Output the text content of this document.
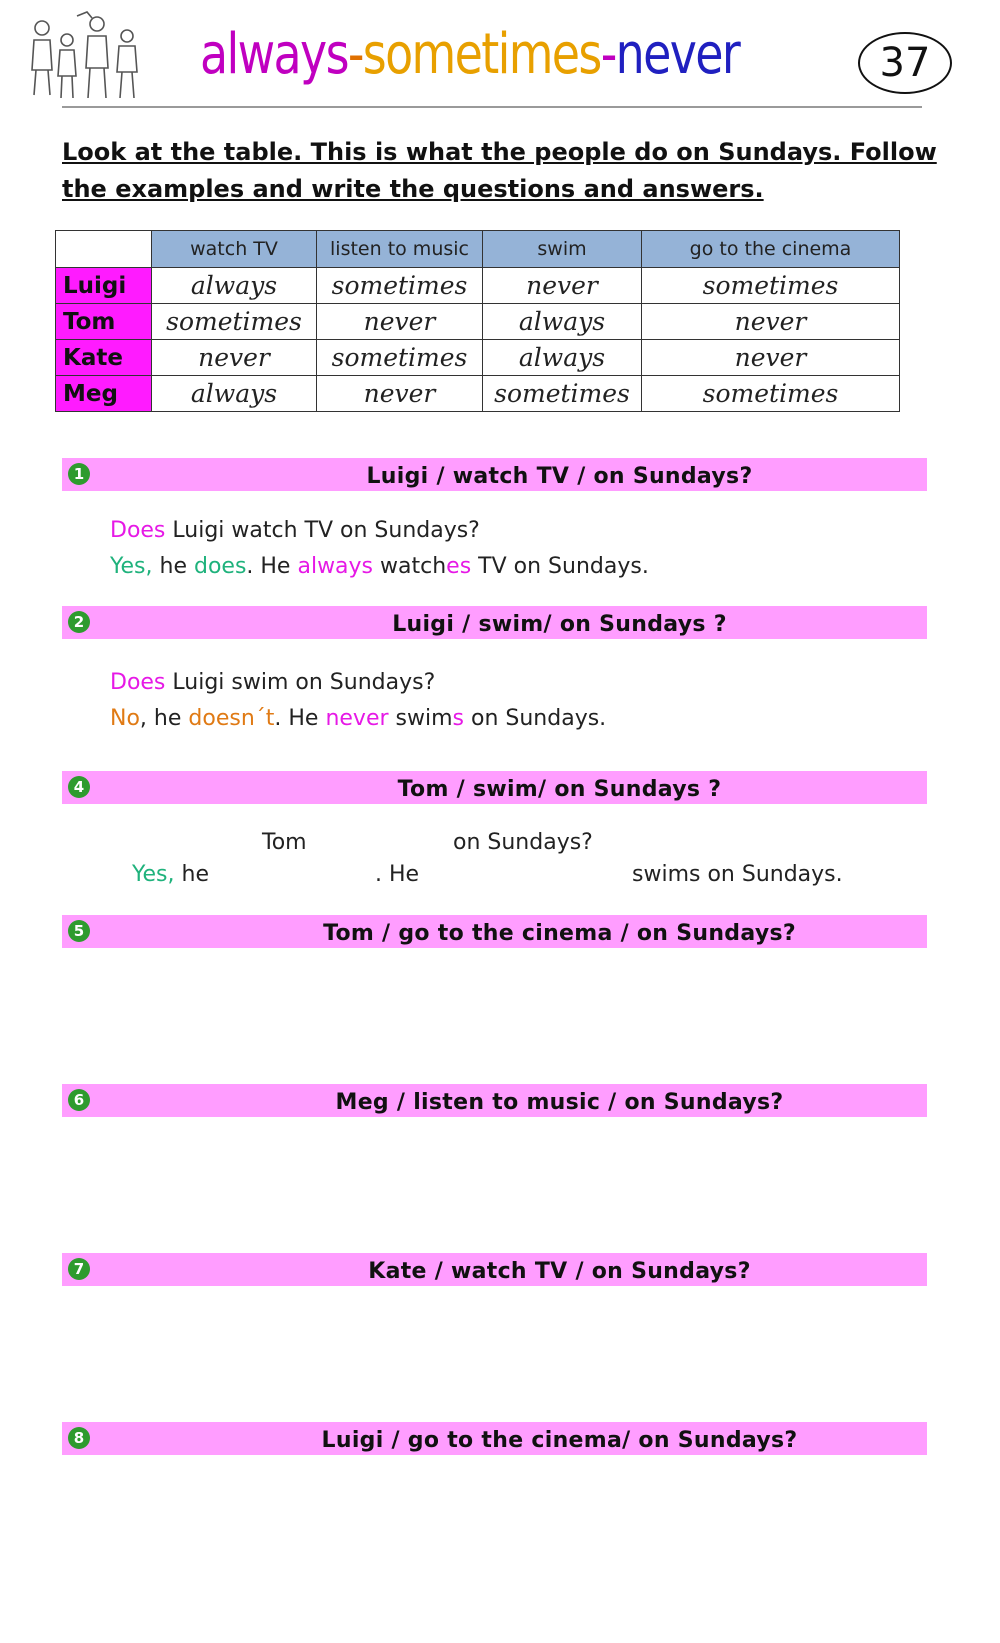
always-sometimes-never	37
Look at the table. This is what the people do on Sundays. Follow
the examples and write the questions and answers.
	watch TV	listen to music	swim	go to the cinema
Luigi	always	sometimes	never	sometimes
Tom	sometimes	never	always	never
Kate	never	sometimes	always	never
Meg	always	never	sometimes	sometimes
1	Luigi / watch TV / on Sundays?
Does Luigi watch TV on Sundays?
Yes, he does. He always watches TV on Sundays.
2	Luigi / swim/ on Sundays ?
Does Luigi swim on Sundays?
No, he doesn´t. He never swims on Sundays.
4	Tom / swim/ on Sundays ?
Tom	on Sundays?
Yes, he	. He	swims on Sundays.
5	Tom / go to the cinema / on Sundays?
6	Meg / listen to music / on Sundays?
7	Kate / watch TV / on Sundays?
8	Luigi / go to the cinema/ on Sundays?
